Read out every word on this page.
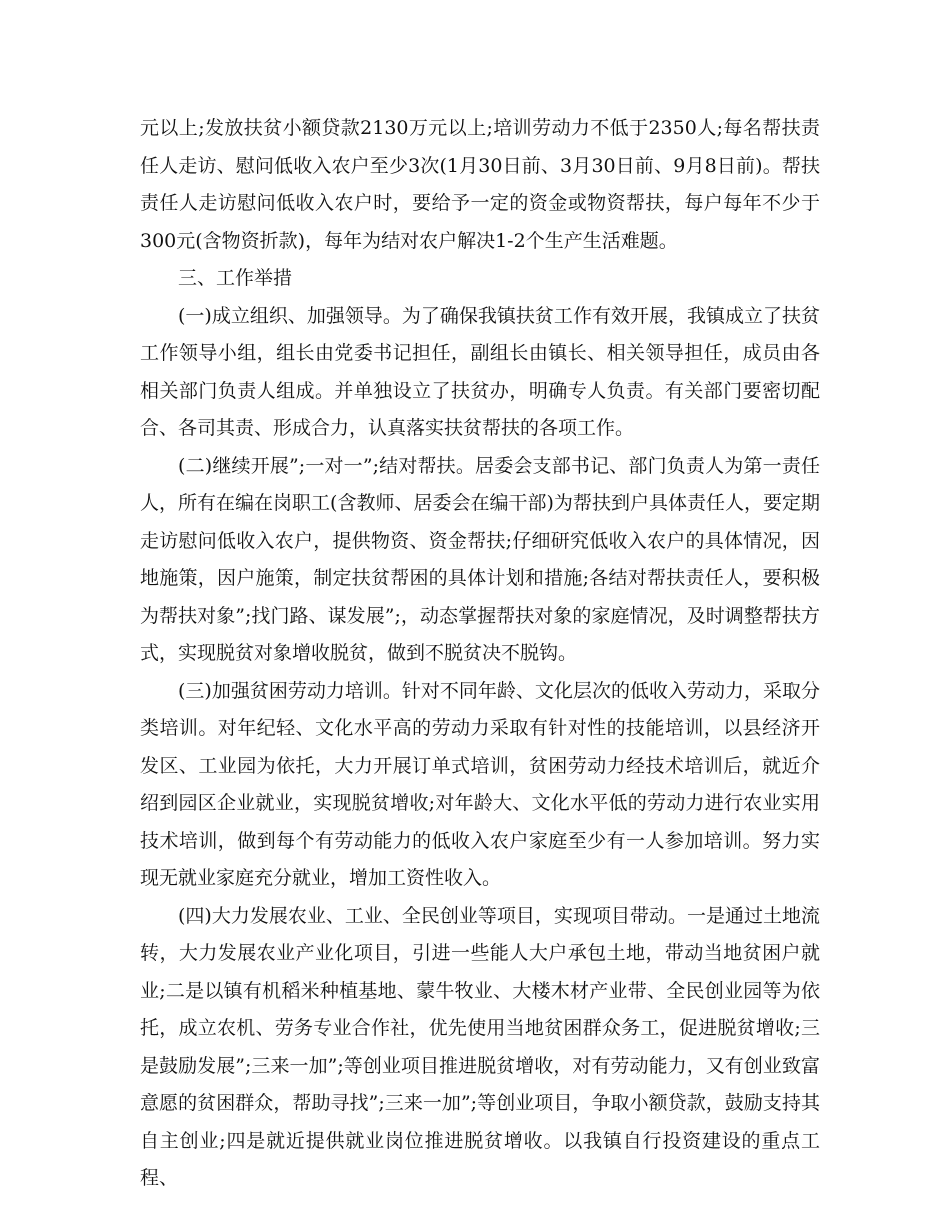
元以上;发放扶贫小额贷款2130万元以上;培训劳动力不低于2350人;每名帮扶责任人走访、慰问低收入农户至少3次(1月30日前、3月30日前、9月8日前)。帮扶责任人走访慰问低收入农户时，要给予一定的资金或物资帮扶，每户每年不少于300元(含物资折款)，每年为结对农户解决1-2个生产生活难题。

三、工作举措

(一)成立组织、加强领导。为了确保我镇扶贫工作有效开展，我镇成立了扶贫工作领导小组，组长由党委书记担任，副组长由镇长、相关领导担任，成员由各相关部门负责人组成。并单独设立了扶贫办，明确专人负责。有关部门要密切配合、各司其责、形成合力，认真落实扶贫帮扶的各项工作。

(二)继续开展”;一对一”;结对帮扶。居委会支部书记、部门负责人为第一责任人，所有在编在岗职工(含教师、居委会在编干部)为帮扶到户具体责任人，要定期走访慰问低收入农户，提供物资、资金帮扶;仔细研究低收入农户的具体情况，因地施策，因户施策，制定扶贫帮困的具体计划和措施;各结对帮扶责任人，要积极为帮扶对象”;找门路、谋发展”;，动态掌握帮扶对象的家庭情况，及时调整帮扶方式，实现脱贫对象增收脱贫，做到不脱贫决不脱钩。

(三)加强贫困劳动力培训。针对不同年龄、文化层次的低收入劳动力，采取分类培训。对年纪轻、文化水平高的劳动力采取有针对性的技能培训，以县经济开发区、工业园为依托，大力开展订单式培训，贫困劳动力经技术培训后，就近介绍到园区企业就业，实现脱贫增收;对年龄大、文化水平低的劳动力进行农业实用技术培训，做到每个有劳动能力的低收入农户家庭至少有一人参加培训。努力实现无就业家庭充分就业，增加工资性收入。

(四)大力发展农业、工业、全民创业等项目，实现项目带动。一是通过土地流转，大力发展农业产业化项目，引进一些能人大户承包土地，带动当地贫困户就业;二是以镇有机稻米种植基地、蒙牛牧业、大楼木材产业带、全民创业园等为依托，成立农机、劳务专业合作社，优先使用当地贫困群众务工，促进脱贫增收;三是鼓励发展”;三来一加”;等创业项目推进脱贫增收，对有劳动能力，又有创业致富意愿的贫困群众，帮助寻找”;三来一加”;等创业项目，争取小额贷款，鼓励支持其自主创业;四是就近提供就业岗位推进脱贫增收。以我镇自行投资建设的重点工程、
